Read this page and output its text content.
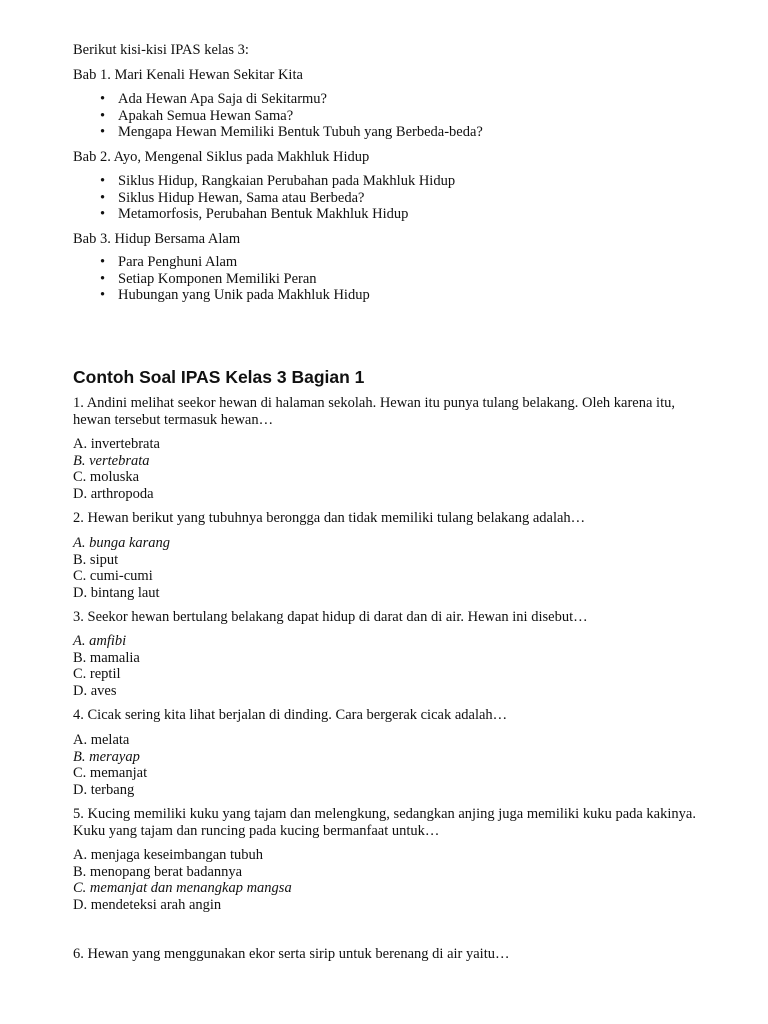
Berikut kisi-kisi IPAS kelas 3:

Bab 1. Mari Kenali Hewan Sekitar Kita

• Ada Hewan Apa Saja di Sekitarmu?
• Apakah Semua Hewan Sama?
• Mengapa Hewan Memiliki Bentuk Tubuh yang Berbeda-beda?

Bab 2. Ayo, Mengenal Siklus pada Makhluk Hidup

• Siklus Hidup, Rangkaian Perubahan pada Makhluk Hidup
• Siklus Hidup Hewan, Sama atau Berbeda?
• Metamorfosis, Perubahan Bentuk Makhluk Hidup

Bab 3. Hidup Bersama Alam

• Para Penghuni Alam
• Setiap Komponen Memiliki Peran
• Hubungan yang Unik pada Makhluk Hidup
Contoh Soal IPAS Kelas 3 Bagian 1

1. Andini melihat seekor hewan di halaman sekolah. Hewan itu punya tulang belakang. Oleh karena itu, hewan tersebut termasuk hewan…

A. invertebrata
B. vertebrata
C. moluska
D. arthropoda

2. Hewan berikut yang tubuhnya berongga dan tidak memiliki tulang belakang adalah…

A. bunga karang
B. siput
C. cumi-cumi
D. bintang laut

3. Seekor hewan bertulang belakang dapat hidup di darat dan di air. Hewan ini disebut…

A. amfibi
B. mamalia
C. reptil
D. aves

4. Cicak sering kita lihat berjalan di dinding. Cara bergerak cicak adalah…

A. melata
B. merayap
C. memanjat
D. terbang

5. Kucing memiliki kuku yang tajam dan melengkung, sedangkan anjing juga memiliki kuku pada kakinya. Kuku yang tajam dan runcing pada kucing bermanfaat untuk…

A. menjaga keseimbangan tubuh
B. menopang berat badannya
C. memanjat dan menangkap mangsa
D. mendeteksi arah angin

6. Hewan yang menggunakan ekor serta sirip untuk berenang di air yaitu…
